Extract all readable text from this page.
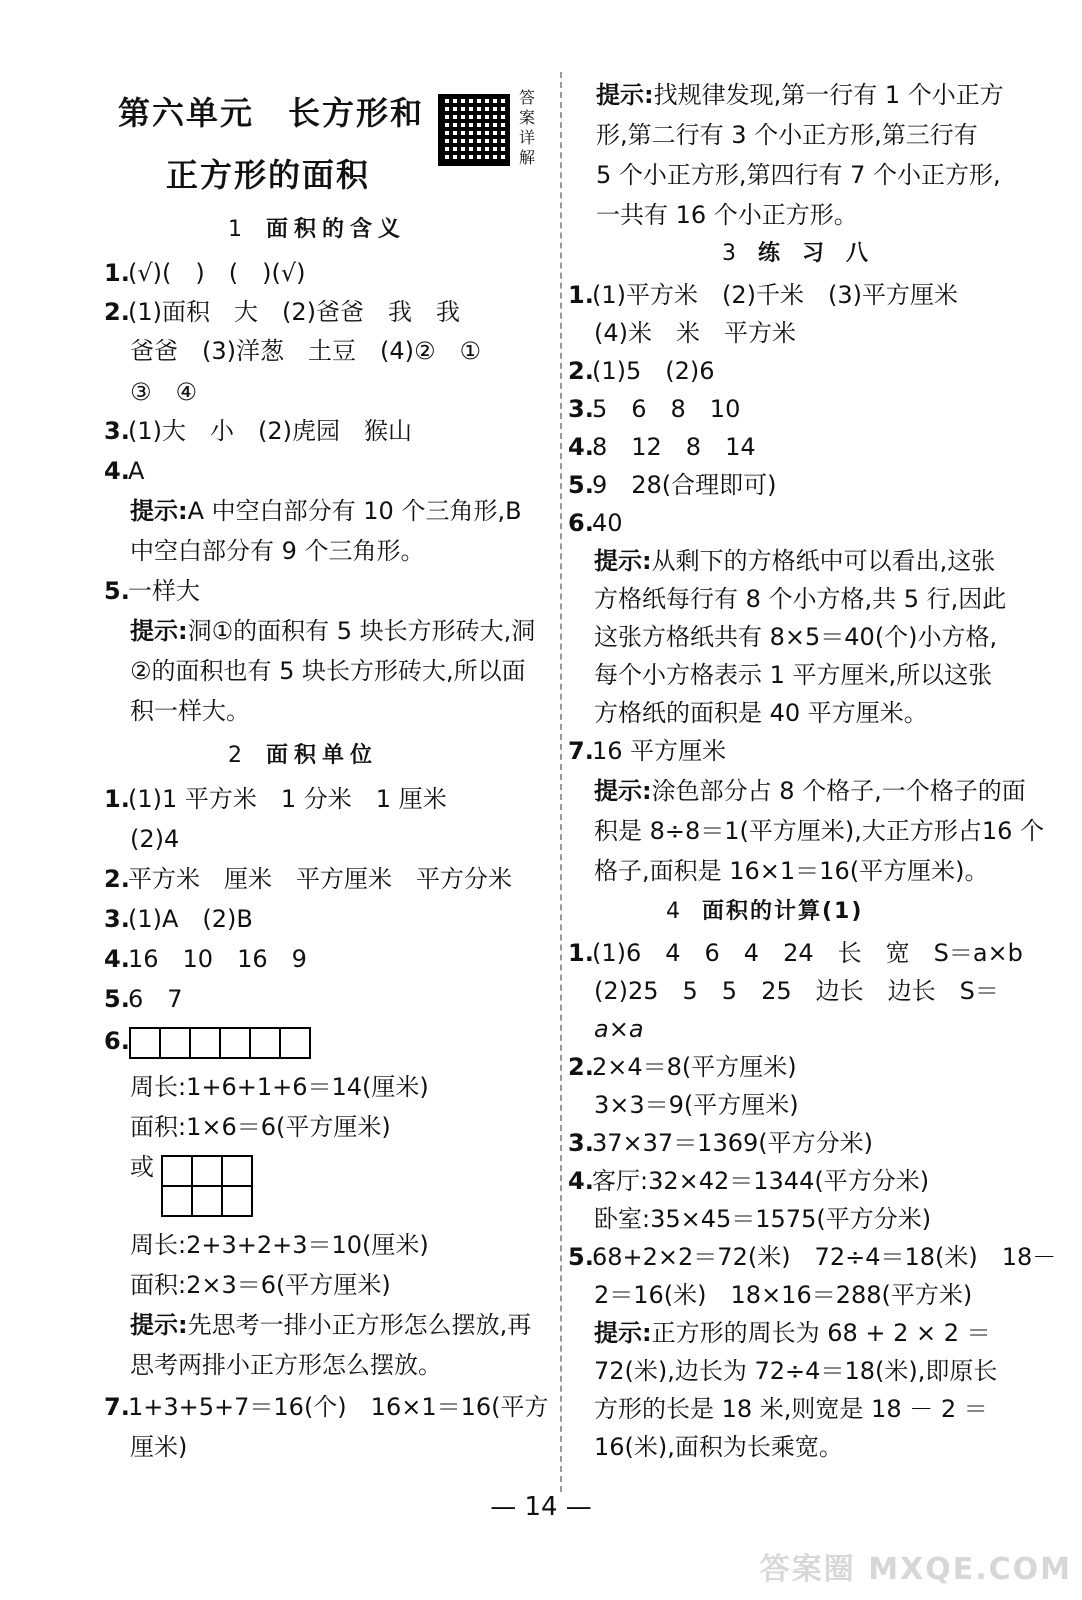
第六单元　长方形和
正方形的面积
答案详解
1 面积的含义
1.(√)(　)　(　)(√)
2.(1)面积　大　(2)爸爸　我　我
爸爸　(3)洋葱　土豆　(4)②　①
③　④
3.(1)大　小　(2)虎园　猴山
4.A
提示:A 中空白部分有 10 个三角形,B
中空白部分有 9 个三角形。
5.一样大
提示:洞①的面积有 5 块长方形砖大,洞
②的面积也有 5 块长方形砖大,所以面
积一样大。
2 面积单位
1.(1)1 平方米　1 分米　1 厘米
(2)4
2.平方米　厘米　平方厘米　平方分米
3.(1)A　(2)B
4.16　10　16　9
5.6　7
6.
周长:1+6+1+6＝14(厘米)
面积:1×6＝6(平方厘米)
或
周长:2+3+2+3＝10(厘米)
面积:2×3＝6(平方厘米)
提示:先思考一排小正方形怎么摆放,再
思考两排小正方形怎么摆放。
7.1+3+5+7＝16(个)　16×1＝16(平方
厘米)
提示:找规律发现,第一行有 1 个小正方
形,第二行有 3 个小正方形,第三行有
5 个小正方形,第四行有 7 个小正方形,
一共有 16 个小正方形。
3练习八
1.(1)平方米　(2)千米　(3)平方厘米
(4)米　米　平方米
2.(1)5　(2)6
3.5　6　8　10
4.8　12　8　14
5.9　28(合理即可)
6.40
提示:从剩下的方格纸中可以看出,这张
方格纸每行有 8 个小方格,共 5 行,因此
这张方格纸共有 8×5＝40(个)小方格,
每个小方格表示 1 平方厘米,所以这张
方格纸的面积是 40 平方厘米。
7.16 平方厘米
提示:涂色部分占 8 个格子,一个格子的面
积是 8÷8＝1(平方厘米),大正方形占16 个
格子,面积是 16×1＝16(平方厘米)。
4 面积的计算(1)
1.(1)6　4　6　4　24　长　宽　S＝a×b
(2)25　5　5　25　边长　边长　S＝
a×a
2.2×4＝8(平方厘米)
3×3＝9(平方厘米)
3.37×37＝1369(平方分米)
4.客厅:32×42＝1344(平方分米)
卧室:35×45＝1575(平方分米)
5.68+2×2＝72(米)　72÷4＝18(米)　18－
2＝16(米)　18×16＝288(平方米)
提示:正方形的周长为 68 + 2 × 2 ＝
72(米),边长为 72÷4＝18(米),即原长
方形的长是 18 米,则宽是 18 － 2 ＝
16(米),面积为长乘宽。
— 14 —
答案圈 MXQE.COM
